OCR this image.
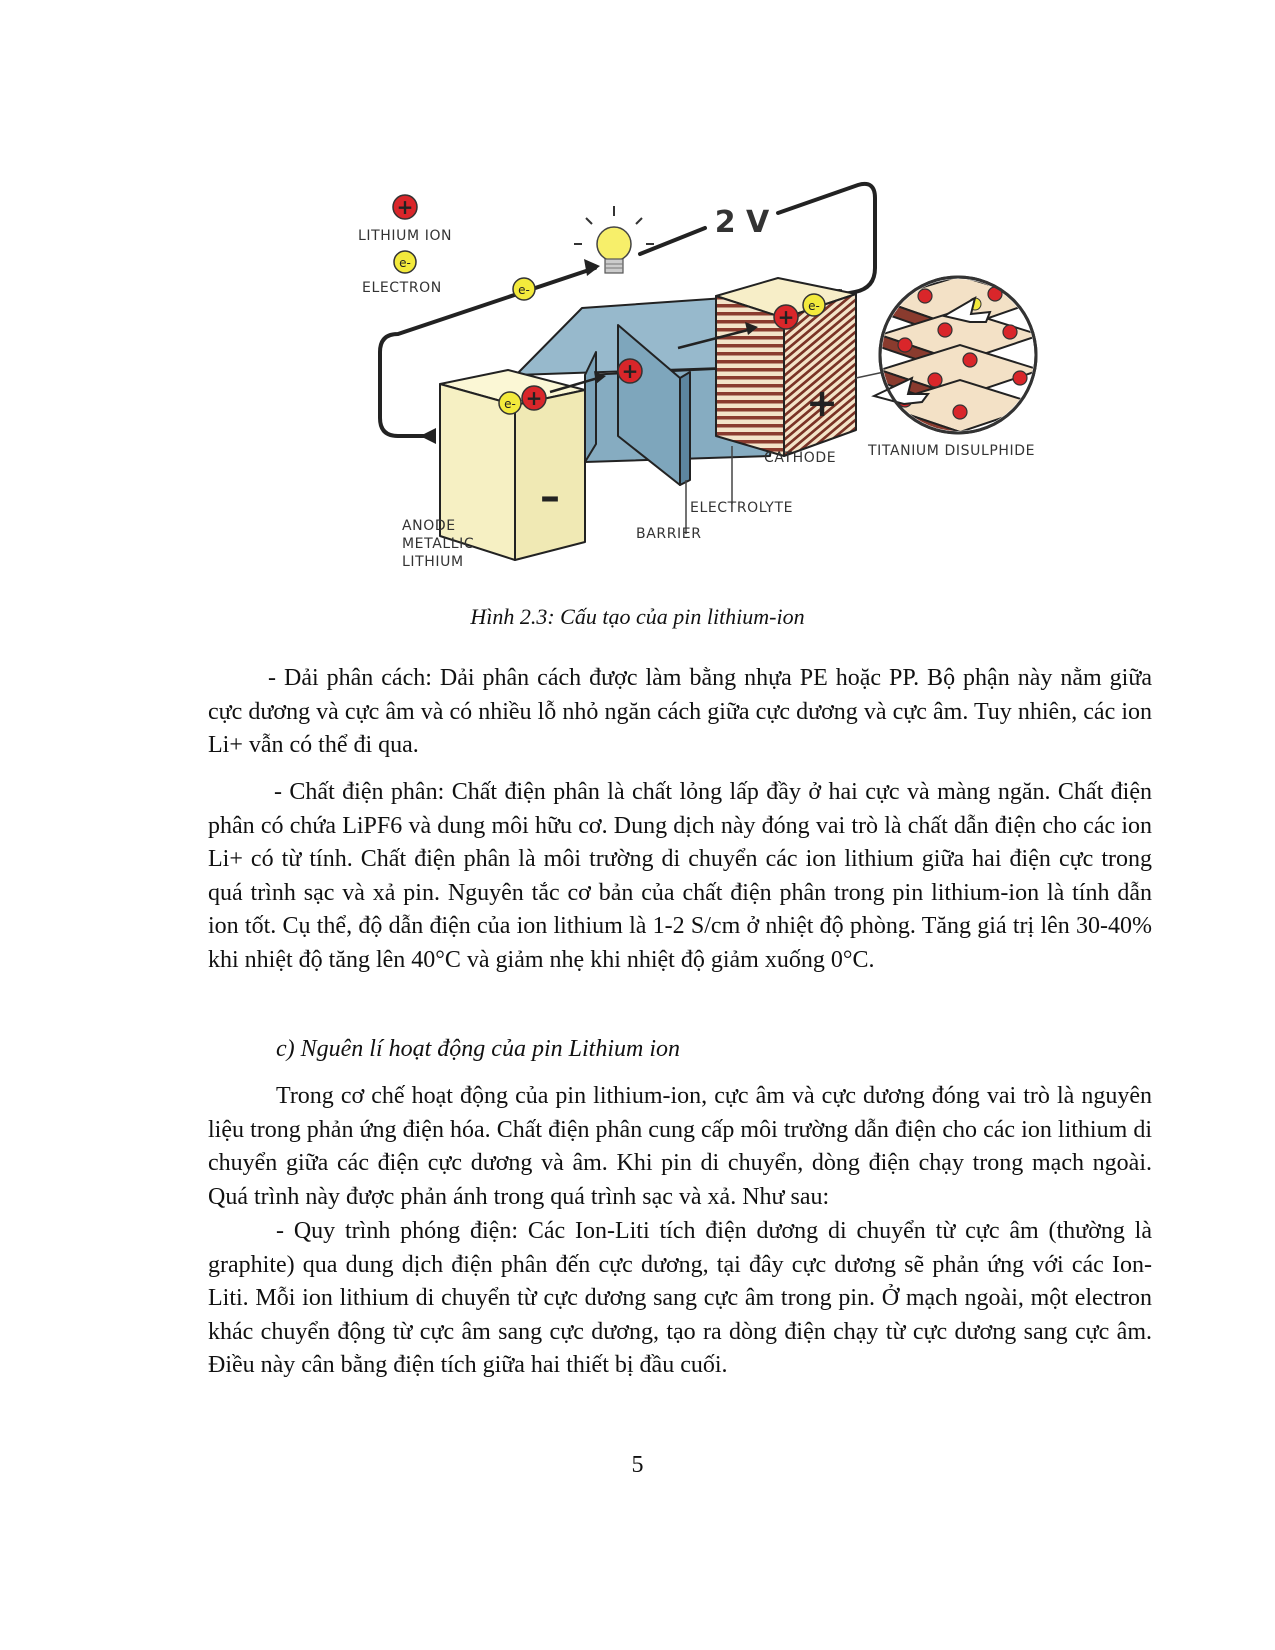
+
LITHIUM ION
e-
ELECTRON
2 V
e-
–
+
+ e-
e- +
+
CATHODE TITANIUM DISULPHIDE
ELECTROLYTE
BARRIER
ANODE
METALLIC
LITHIUM
Hình 2.3: Cấu tạo của pin lithium-ion

- Dải phân cách: Dải phân cách được làm bằng nhựa PE hoặc PP. Bộ phận này nằm giữa cực dương và cực âm và có nhiều lỗ nhỏ ngăn cách giữa cực dương và cực âm. Tuy nhiên, các ion Li+ vẫn có thể đi qua.

- Chất điện phân: Chất điện phân là chất lỏng lấp đầy ở hai cực và màng ngăn. Chất điện phân có chứa LiPF6 và dung môi hữu cơ. Dung dịch này đóng vai trò là chất dẫn điện cho các ion Li+ có từ tính. Chất điện phân là môi trường di chuyển các ion lithium giữa hai điện cực trong quá trình sạc và xả pin. Nguyên tắc cơ bản của chất điện phân trong pin lithium-ion là tính dẫn ion tốt. Cụ thể, độ dẫn điện của ion lithium là 1-2 S/cm ở nhiệt độ phòng. Tăng giá trị lên 30-40% khi nhiệt độ tăng lên 40°C và giảm nhẹ khi nhiệt độ giảm xuống 0°C.

c) Nguên lí hoạt động của pin Lithium ion

Trong cơ chế hoạt động của pin lithium-ion, cực âm và cực dương đóng vai trò là nguyên liệu trong phản ứng điện hóa. Chất điện phân cung cấp môi trường dẫn điện cho các ion lithium di chuyển giữa các điện cực dương và âm. Khi pin di chuyển, dòng điện chạy trong mạch ngoài. Quá trình này được phản ánh trong quá trình sạc và xả. Như sau:

- Quy trình phóng điện: Các Ion-Liti tích điện dương di chuyển từ cực âm (thường là graphite) qua dung dịch điện phân đến cực dương, tại đây cực dương sẽ phản ứng với các Ion-Liti. Mỗi ion lithium di chuyển từ cực dương sang cực âm trong pin. Ở mạch ngoài, một electron khác chuyển động từ cực âm sang cực dương, tạo ra dòng điện chạy từ cực dương sang cực âm. Điều này cân bằng điện tích giữa hai thiết bị đầu cuối.

5
